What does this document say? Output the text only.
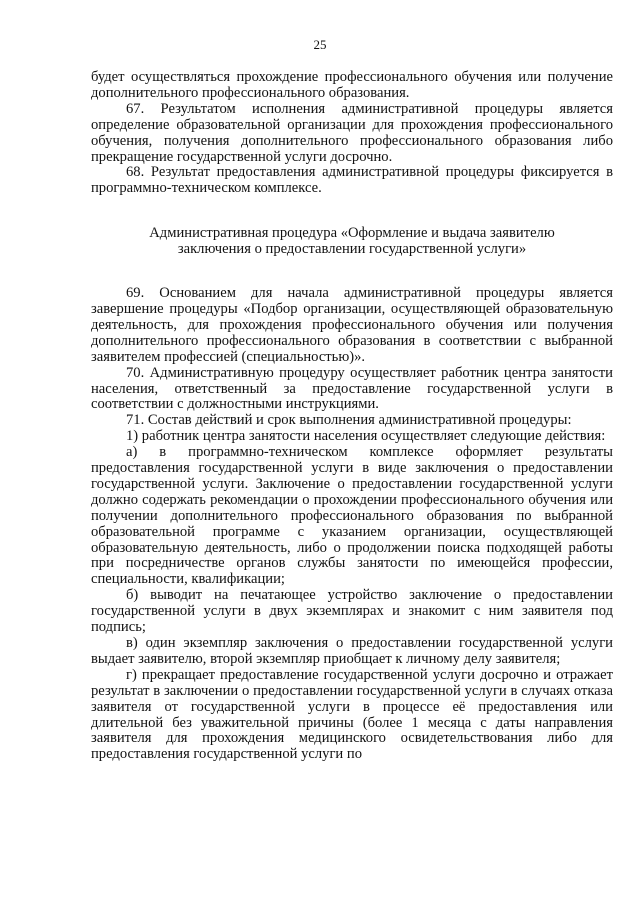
25

будет осуществляться прохождение профессионального обучения или получение дополнительного профессионального образования.

67. Результатом исполнения административной процедуры является определение образовательной организации для прохождения профессионального обучения, получения дополнительного профессионального образования либо прекращение государственной услуги досрочно.

68. Результат предоставления административной процедуры фиксируется в программно-техническом комплексе.

Административная процедура «Оформление и выдача заявителю
заключения о предоставлении государственной услуги»

69. Основанием для начала административной процедуры является завершение процедуры «Подбор организации, осуществляющей образовательную деятельность, для прохождения профессионального обучения или получения дополнительного профессионального образования в соответствии с выбранной заявителем профессией (специальностью)».

70. Административную процедуру осуществляет работник центра занятости населения, ответственный за предоставление государственной услуги в соответствии с должностными инструкциями.

71. Состав действий и срок выполнения административной процедуры:

1) работник центра занятости населения осуществляет следующие действия:

а) в программно-техническом комплексе оформляет результаты предоставления государственной услуги в виде заключения о предоставлении государственной услуги. Заключение о предоставлении государственной услуги должно содержать рекомендации о прохождении профессионального обучения или получении дополнительного профессионального образования по выбранной образовательной программе с указанием организации, осуществляющей образовательную деятельность, либо о продолжении поиска подходящей работы при посредничестве органов службы занятости по имеющейся профессии, специальности, квалификации;

б) выводит на печатающее устройство заключение о предоставлении государственной услуги в двух экземплярах и знакомит с ним заявителя под подпись;

в) один экземпляр заключения о предоставлении государственной услуги выдает заявителю, второй экземпляр приобщает к личному делу заявителя;

г) прекращает предоставление государственной услуги досрочно и отражает результат в заключении о предоставлении государственной услуги в случаях отказа заявителя от государственной услуги в процессе её предоставления или длительной без уважительной причины (более 1 месяца с даты направления заявителя для прохождения медицинского освидетельствования либо для предоставления государственной услуги по
